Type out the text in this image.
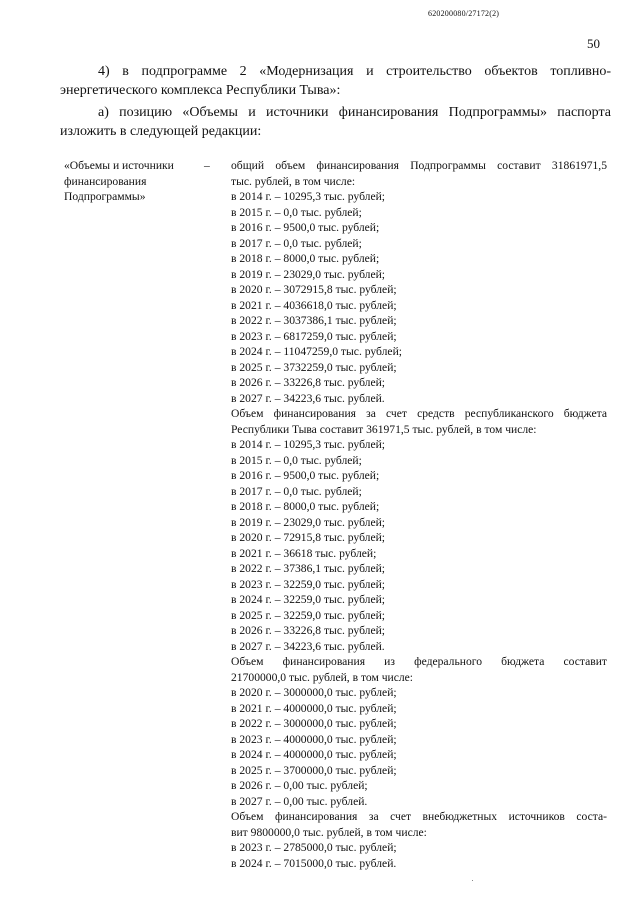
620200080/27172(2)
50
4) в подпрограмме 2 «Модернизация и строительство объектов топливно-энергетического комплекса Республики Тыва»:
а) позицию «Объемы и источники финансирования Подпрограммы» паспорта изложить в следующей редакции:
«Объемы и источники финансирования Подпрограммы»
– общий объем финансирования Подпрограммы составит 31861971,5
тыс. рублей, в том числе:
в 2014 г. – 10295,3 тыс. рублей;
в 2015 г. – 0,0 тыс. рублей;
в 2016 г. – 9500,0 тыс. рублей;
в 2017 г. – 0,0 тыс. рублей;
в 2018 г. – 8000,0 тыс. рублей;
в 2019 г. – 23029,0 тыс. рублей;
в 2020 г. – 3072915,8 тыс. рублей;
в 2021 г. – 4036618,0 тыс. рублей;
в 2022 г. – 3037386,1 тыс. рублей;
в 2023 г. – 6817259,0 тыс. рублей;
в 2024 г. – 11047259,0 тыс. рублей;
в 2025 г. – 3732259,0 тыс. рублей;
в 2026 г. – 33226,8 тыс. рублей;
в 2027 г. – 34223,6 тыс. рублей.
Объем финансирования за счет средств республиканского бюджета
Республики Тыва составит 361971,5 тыс. рублей, в том числе:
в 2014 г. – 10295,3 тыс. рублей;
в 2015 г. – 0,0 тыс. рублей;
в 2016 г. – 9500,0 тыс. рублей;
в 2017 г. – 0,0 тыс. рублей;
в 2018 г. – 8000,0 тыс. рублей;
в 2019 г. – 23029,0 тыс. рублей;
в 2020 г. – 72915,8 тыс. рублей;
в 2021 г. – 36618 тыс. рублей;
в 2022 г. – 37386,1 тыс. рублей;
в 2023 г. – 32259,0 тыс. рублей;
в 2024 г. – 32259,0 тыс. рублей;
в 2025 г. – 32259,0 тыс. рублей;
в 2026 г. – 33226,8 тыс. рублей;
в 2027 г. – 34223,6 тыс. рублей.
Объем финансирования из федерального бюджета составит
21700000,0 тыс. рублей, в том числе:
в 2020 г. – 3000000,0 тыс. рублей;
в 2021 г. – 4000000,0 тыс. рублей;
в 2022 г. – 3000000,0 тыс. рублей;
в 2023 г. – 4000000,0 тыс. рублей;
в 2024 г. – 4000000,0 тыс. рублей;
в 2025 г. – 3700000,0 тыс. рублей;
в 2026 г. – 0,00 тыс. рублей;
в 2027 г. – 0,00 тыс. рублей.
Объем финансирования за счет внебюджетных источников соста-
вит 9800000,0 тыс. рублей, в том числе:
в 2023 г. – 2785000,0 тыс. рублей;
в 2024 г. – 7015000,0 тыс. рублей.
